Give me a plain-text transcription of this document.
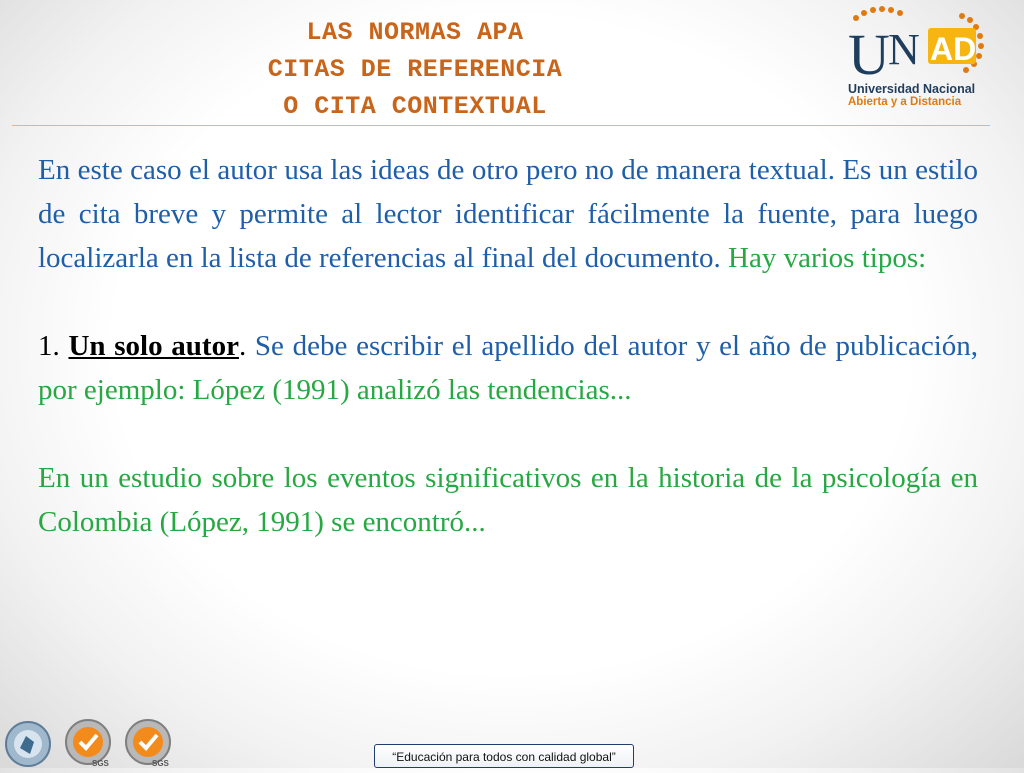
LAS NORMAS APA
CITAS DE REFERENCIA
O CITA CONTEXTUAL
U
N AD
Universidad Nacional
Abierta y a Distancia

En este caso el autor usa las ideas de otro pero no de manera textual. Es un estilo de cita breve y permite al lector identificar fácilmente la fuente, para luego localizarla en la lista de referencias al final del documento. Hay varios tipos:

1. Un solo autor. Se debe escribir el apellido del autor y el año de publicación, por ejemplo: López (1991) analizó las tendencias...

En un estudio sobre los eventos significativos en la historia de la psicología en Colombia (López, 1991) se encontró...

SGS	SGS	“Educación para todos con calidad global”
